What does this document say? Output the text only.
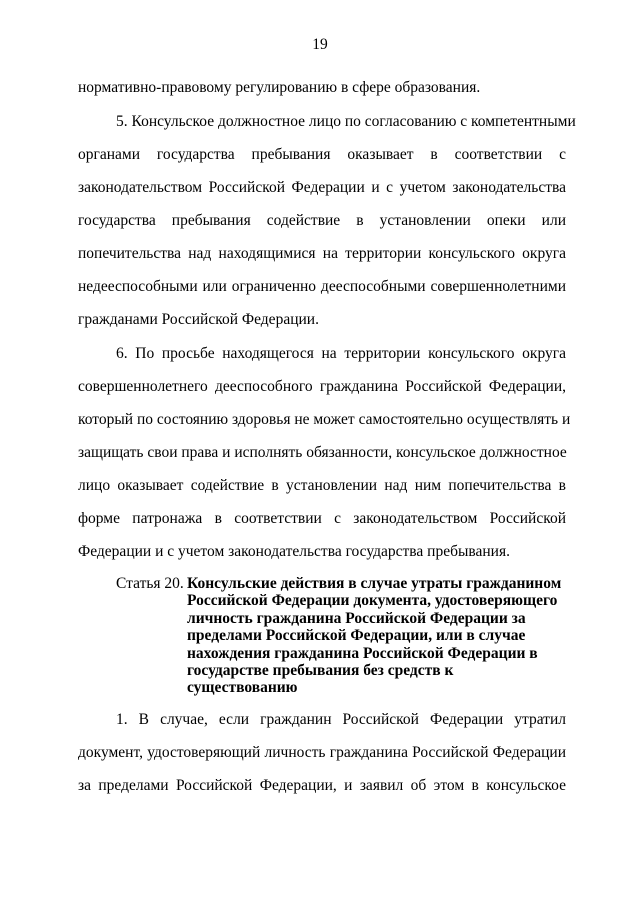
19
нормативно-правовому регулированию в сфере образования.
5. Консульское должностное лицо по согласованию с компетентными
органами государства пребывания оказывает в соответствии с
законодательством Российской Федерации и с учетом законодательства
государства пребывания содействие в установлении опеки или
попечительства над находящимися на территории консульского округа
недееспособными или ограниченно дееспособными совершеннолетними
гражданами Российской Федерации.
6. По просьбе находящегося на территории консульского округа
совершеннолетнего дееспособного гражданина Российской Федерации,
который по состоянию здоровья не может самостоятельно осуществлять и
защищать свои права и исполнять обязанности, консульское должностное
лицо оказывает содействие в установлении над ним попечительства в
форме патронажа в соответствии с законодательством Российской
Федерации и с учетом законодательства государства пребывания.
Статья 20. Консульские действия в случае утраты гражданином
Российской Федерации документа, удостоверяющего
личность гражданина Российской Федерации за
пределами Российской Федерации, или в случае
нахождения гражданина Российской Федерации в
государстве пребывания без средств к
существованию
1. В случае, если гражданин Российской Федерации утратил
документ, удостоверяющий личность гражданина Российской Федерации
за пределами Российской Федерации, и заявил об этом в консульское
